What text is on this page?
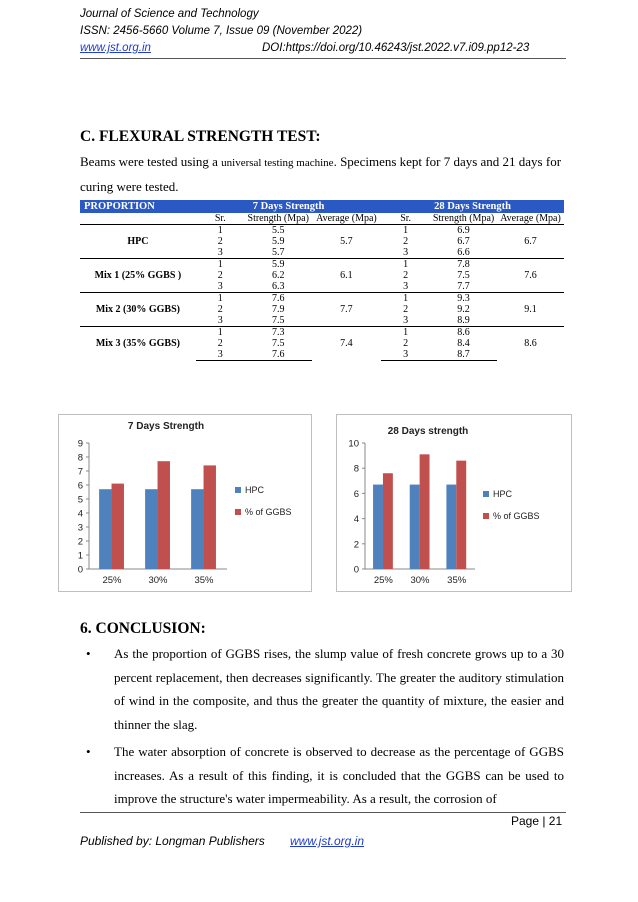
Journal of Science and Technology
ISSN: 2456-5660 Volume 7, Issue 09 (November 2022)
www.jst.org.in	DOI:https://doi.org/10.46243/jst.2022.v7.i09.pp12-23
C. FLEXURAL STRENGTH TEST:
Beams were tested using a universal testing machine. Specimens kept for 7 days and 21 days for
curing were tested.
PROPORTION	7 Days Strength			28 Days Strength		
	Sr.	Strength (Mpa)	Average (Mpa)	Sr.	Strength (Mpa)	Average (Mpa)
HPC	1	5.5	5.7	1	6.9	6.7
	2	5.9		2	6.7	
	3	5.7		3	6.6	
Mix 1 (25% GGBS )	1	5.9	6.1	1	7.8	7.6
	2	6.2		2	7.5	
	3	6.3		3	7.7	
Mix 2 (30% GGBS)	1	7.6	7.7	1	9.3	9.1
	2	7.9		2	9.2	
	3	7.5		3	8.9	
Mix 3 (35% GGBS)	1	7.3	7.4	1	8.6	8.6
	2	7.5		2	8.4	
	3	7.6		3	8.7	
7 Days Strength
0
1
2
3
4
5
6
7
8
9
25%	30%	35%
HPC
% of GGBS
28 Days strength
0
2
4
6
8
10
25% 30% 35%
HPC
% of GGBS
6. CONCLUSION:
• As the proportion of GGBS rises, the slump value of fresh concrete grows up to a 30 percent replacement, then decreases significantly. The greater the auditory stimulation of wind in the composite, and thus the greater the quantity of mixture, the easier and thinner the slag.
• The water absorption of concrete is observed to decrease as the percentage of GGBS increases. As a result of this finding, it is concluded that the GGBS can be used to improve the structure's water impermeability. As a result, the corrosion of
Page | 21
Published by: Longman Publishers www.jst.org.in
